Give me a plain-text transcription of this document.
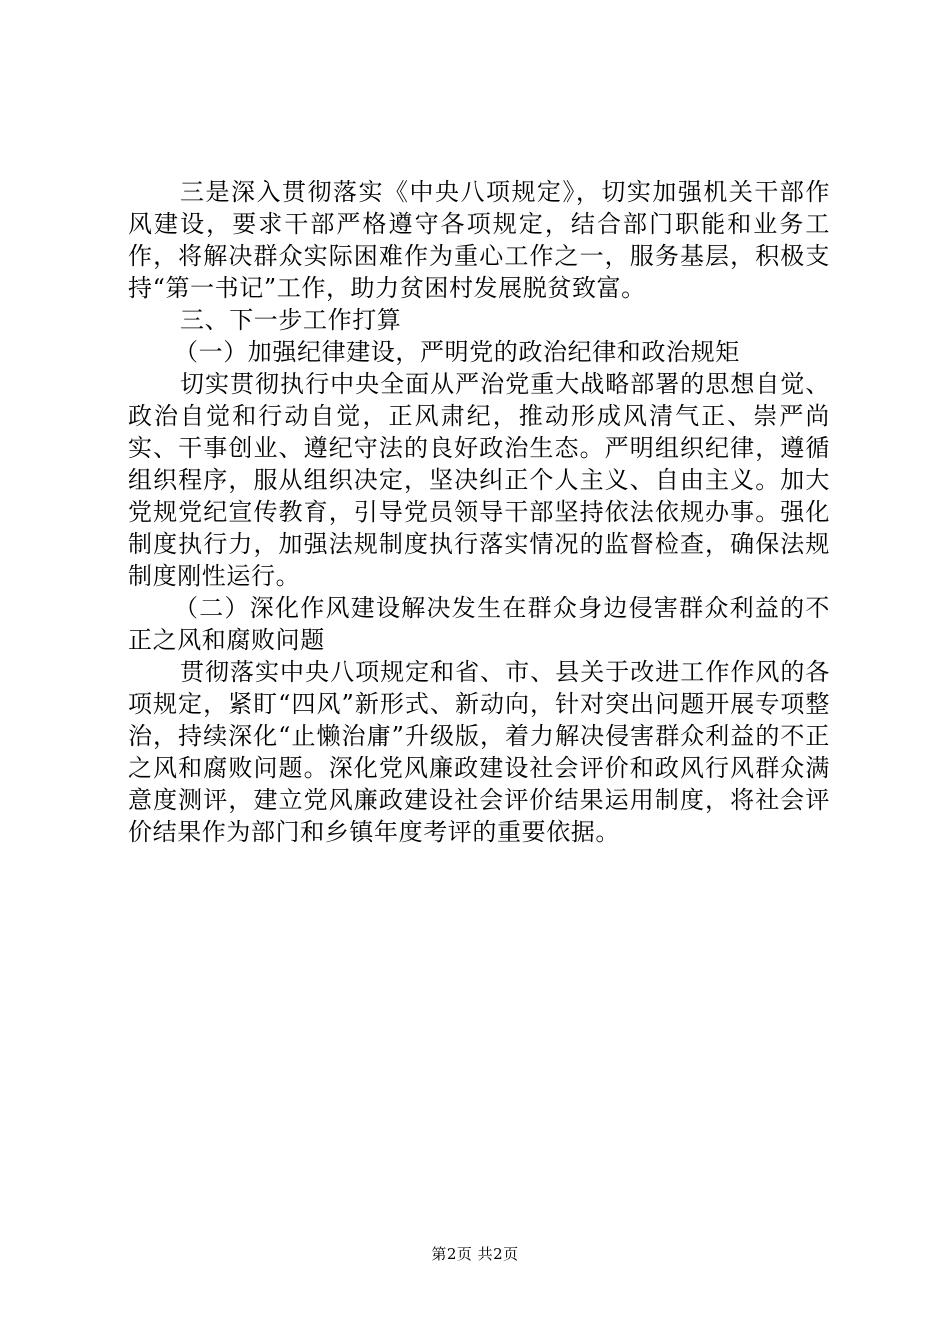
三是深入贯彻落实《中央八项规定》，切实加强机关干部作风建设，要求干部严格遵守各项规定，结合部门职能和业务工作，将解决群众实际困难作为重心工作之一，服务基层，积极支持“第一书记”工作，助力贫困村发展脱贫致富。

三、下一步工作打算

（一）加强纪律建设，严明党的政治纪律和政治规矩

切实贯彻执行中央全面从严治党重大战略部署的思想自觉、政治自觉和行动自觉，正风肃纪，推动形成风清气正、崇严尚实、干事创业、遵纪守法的良好政治生态。严明组织纪律，遵循组织程序，服从组织决定，坚决纠正个人主义、自由主义。加大党规党纪宣传教育，引导党员领导干部坚持依法依规办事。强化制度执行力，加强法规制度执行落实情况的监督检查，确保法规制度刚性运行。

（二）深化作风建设解决发生在群众身边侵害群众利益的不正之风和腐败问题

贯彻落实中央八项规定和省、市、县关于改进工作作风的各项规定，紧盯“四风”新形式、新动向，针对突出问题开展专项整治，持续深化“止懒治庸”升级版，着力解决侵害群众利益的不正之风和腐败问题。深化党风廉政建设社会评价和政风行风群众满意度测评，建立党风廉政建设社会评价结果运用制度，将社会评价结果作为部门和乡镇年度考评的重要依据。

第2页 共2页
